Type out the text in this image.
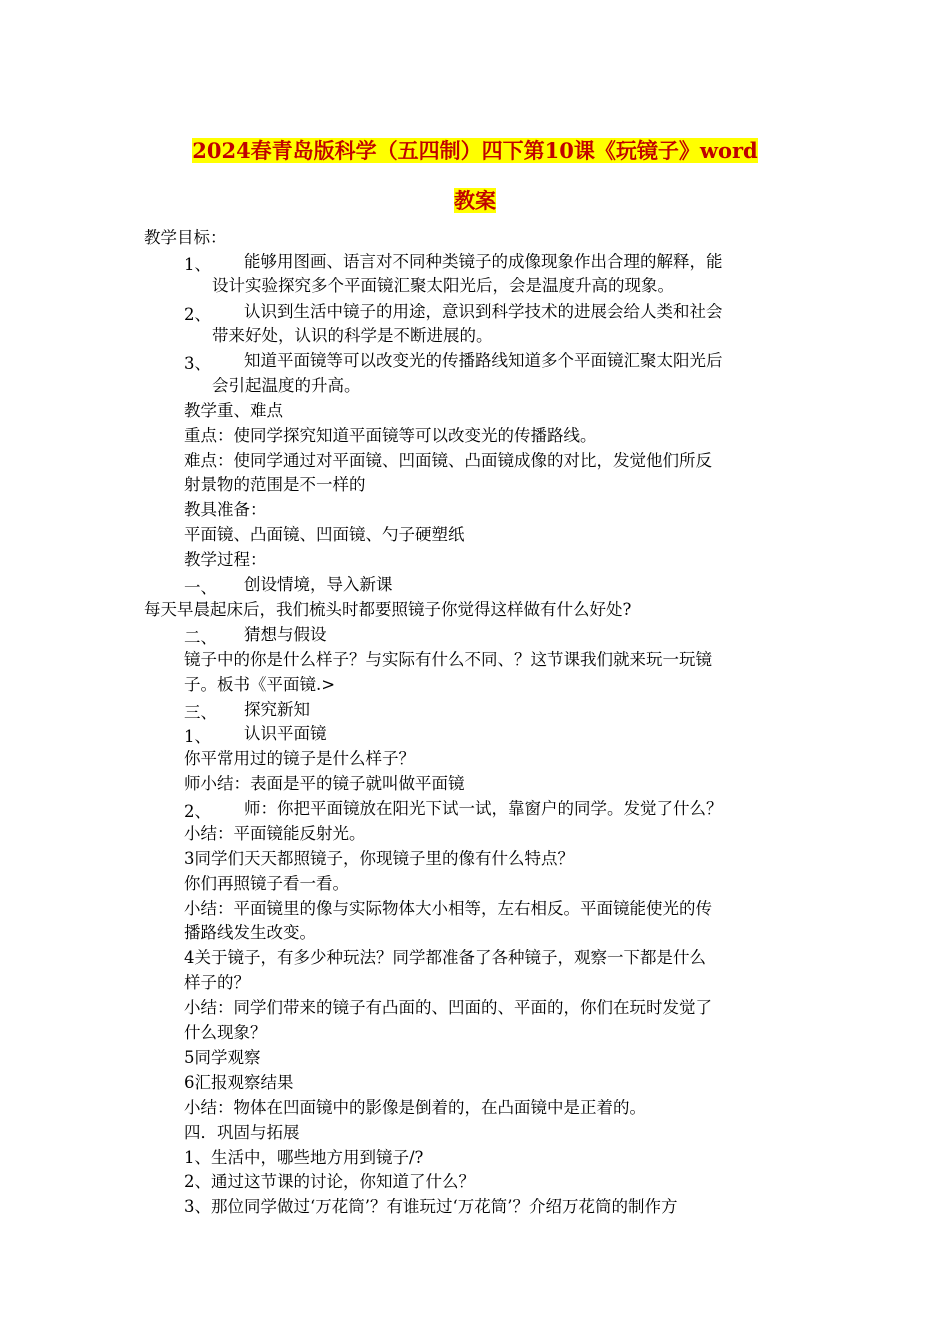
2024春青岛版科学（五四制）四下第10课《玩镜子》word
教案
教学目标：
1、 能够用图画、语言对不同种类镜子的成像现象作出合理的解释，能
设计实验探究多个平面镜汇聚太阳光后，会是温度升高的现象。
2、 认识到生活中镜子的用途，意识到科学技术的进展会给人类和社会
带来好处，认识的科学是不断进展的。
3、 知道平面镜等可以改变光的传播路线知道多个平面镜汇聚太阳光后
会引起温度的升高。
教学重、难点
重点：使同学探究知道平面镜等可以改变光的传播路线。
难点：使同学通过对平面镜、凹面镜、凸面镜成像的对比，发觉他们所反
射景物的范围是不一样的
教具准备：
平面镜、凸面镜、凹面镜、勺子硬塑纸
教学过程：
一、 创设情境，导入新课
每天早晨起床后，我们梳头时都要照镜子你觉得这样做有什么好处?
二、 猜想与假设
镜子中的你是什么样子？与实际有什么不同、？这节课我们就来玩一玩镜
子。板书《平面镜.>
三、 探究新知
1、 认识平面镜
你平常用过的镜子是什么样子？
师小结：表面是平的镜子就叫做平面镜
2、 师：你把平面镜放在阳光下试一试，靠窗户的同学。发觉了什么？
小结：平面镜能反射光。
3同学们天天都照镜子，你现镜子里的像有什么特点？
你们再照镜子看一看。
小结：平面镜里的像与实际物体大小相等，左右相反。平面镜能使光的传
播路线发生改变。
4关于镜子，有多少种玩法？同学都准备了各种镜子，观察一下都是什么
样子的？
小结：同学们带来的镜子有凸面的、凹面的、平面的，你们在玩时发觉了
什么现象？
5同学观察
6汇报观察结果
小结：物体在凹面镜中的影像是倒着的，在凸面镜中是正着的。
四．巩固与拓展
1、生活中，哪些地方用到镜子/?
2、通过这节课的讨论，你知道了什么？
3、那位同学做过‘万花筒’？有谁玩过‘万花筒’？介绍万花筒的制作方
